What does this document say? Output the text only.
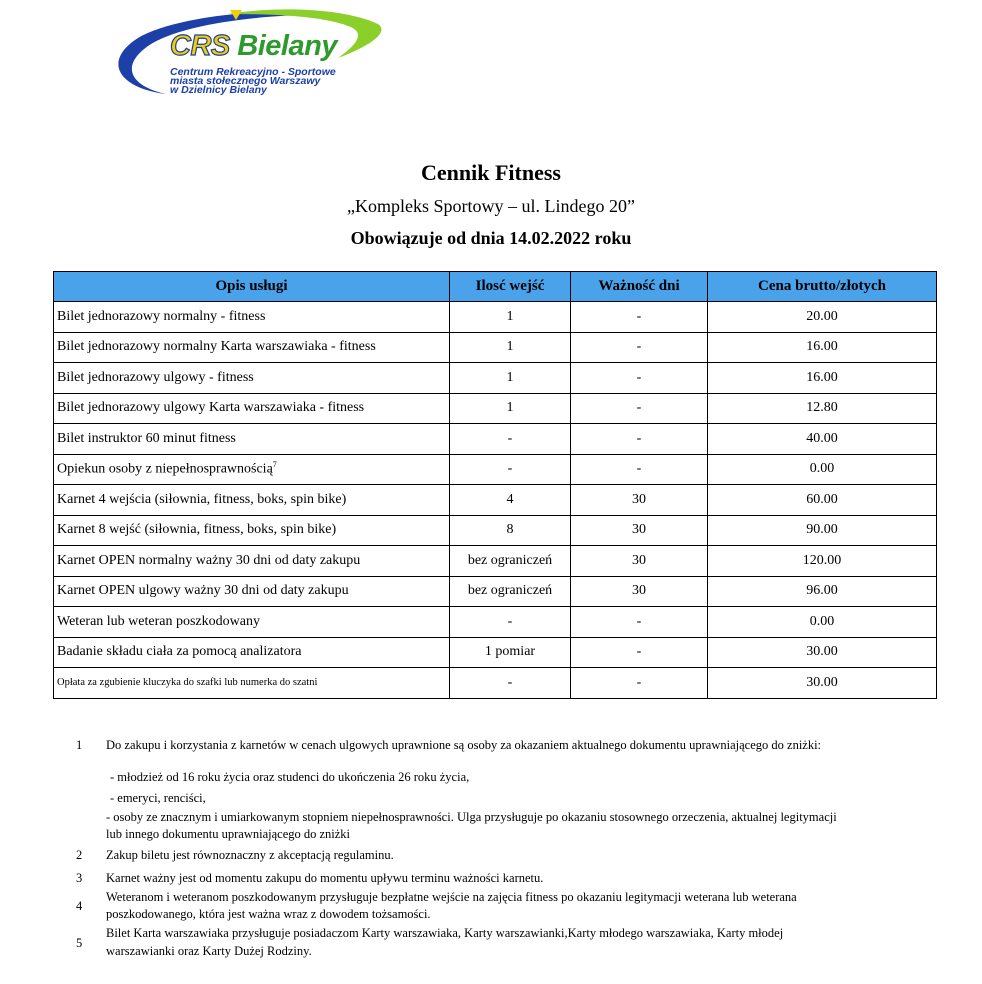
CRS Bielany
Centrum Rekreacyjno - Sportowe
miasta stołecznego Warszawy
w Dzielnicy Bielany
Cennik Fitness
„Kompleks Sportowy – ul. Lindego 20”
Obowiązuje od dnia 14.02.2022 roku
Opis usługi	Ilosć wejść	Ważność dni	Cena brutto/złotych
Bilet jednorazowy normalny - fitness	1	-	20.00
Bilet jednorazowy normalny Karta warszawiaka - fitness	1	-	16.00
Bilet jednorazowy ulgowy - fitness	1	-	16.00
Bilet jednorazowy ulgowy Karta warszawiaka - fitness	1	-	12.80
Bilet instruktor 60 minut fitness	-	-	40.00
Opiekun osoby z niepełnosprawnością$^7$	-	-	0.00
Karnet 4 wejścia (siłownia, fitness, boks, spin bike)	4	30	60.00
Karnet 8 wejść (siłownia, fitness, boks, spin bike)	8	30	90.00
Karnet OPEN normalny ważny 30 dni od daty zakupu	bez ograniczeń	30	120.00
Karnet OPEN ulgowy ważny 30 dni od daty zakupu	bez ograniczeń	30	96.00
Weteran lub weteran poszkodowany	-	-	0.00
Badanie składu ciała za pomocą analizatora	1 pomiar	-	30.00
Opłata za zgubienie kluczyka do szafki lub numerka do szatni	-	-	30.00
1 Do zakupu i korzystania z karnetów w cenach ulgowych uprawnione są osoby za okazaniem aktualnego dokumentu uprawniającego do zniżki:
- młodzież od 16 roku życia oraz studenci do ukończenia 26 roku życia,
- emeryci, renciści,
- osoby ze znacznym i umiarkowanym stopniem niepełnosprawności. Ulga przysługuje po okazaniu stosownego orzeczenia, aktualnej legitymacji
lub innego dokumentu uprawniającego do zniżki
2 Zakup biletu jest równoznaczny z akceptacją regulaminu.
3 Karnet ważny jest od momentu zakupu do momentu upływu terminu ważności karnetu.
4
Weteranom i weteranom poszkodowanym przysługuje bezpłatne wejście na zajęcia fitness po okazaniu legitymacji weterana lub weterana
poszkodowanego, która jest ważna wraz z dowodem tożsamości.
5
Bilet Karta warszawiaka przysługuje posiadaczom Karty warszawiaka, Karty warszawianki,Karty młodego warszawiaka, Karty młodej
warszawianki oraz Karty Dużej Rodziny.
